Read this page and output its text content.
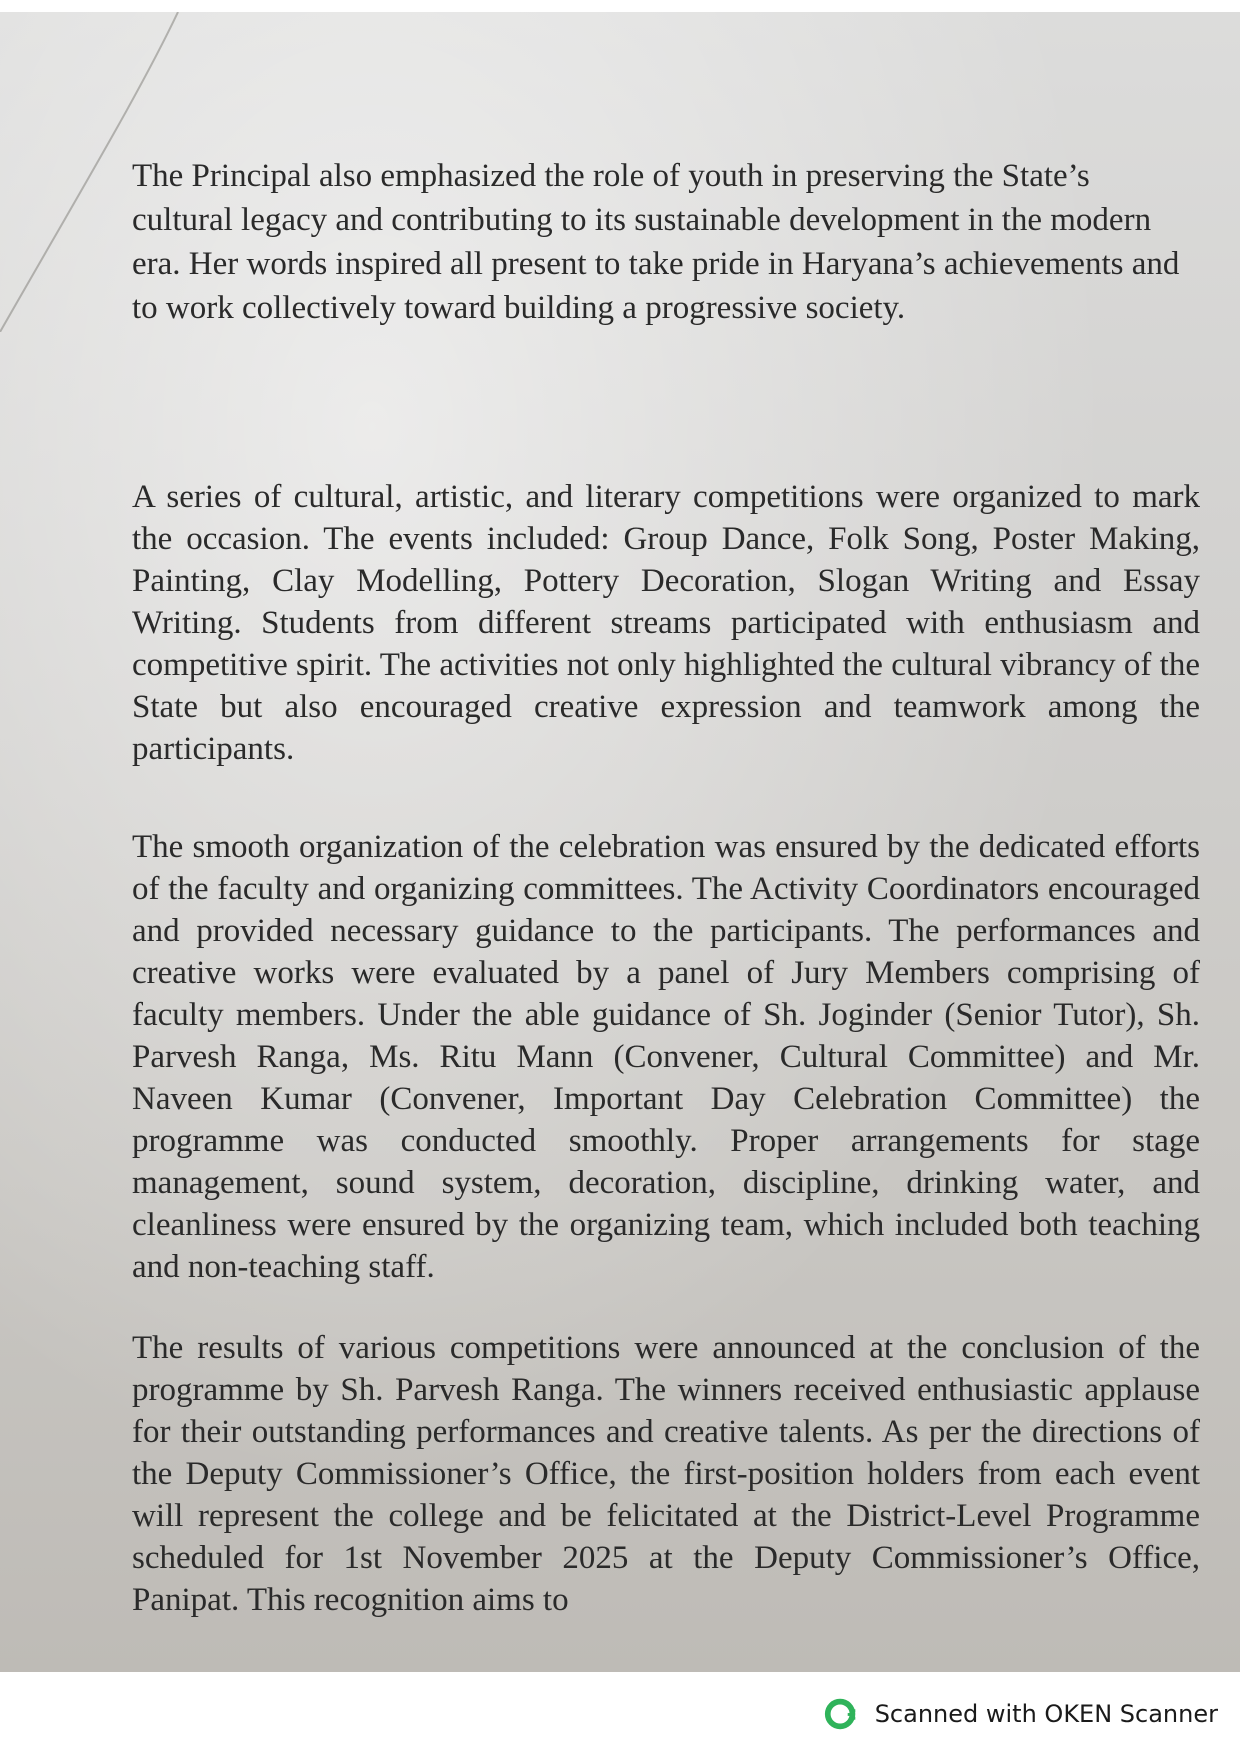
The Principal also emphasized the role of youth in preserving the State’s cultural legacy and contributing to its sustainable development in the modern era. Her words inspired all present to take pride in Haryana’s achievements and to work collectively toward building a progressive society.

A series of cultural, artistic, and literary competitions were organized to mark the occasion. The events included: Group Dance, Folk Song, Poster Making, Painting, Clay Modelling, Pottery Decoration, Slogan Writing and Essay Writing. Students from different streams participated with enthusiasm and competitive spirit. The activities not only highlighted the cultural vibrancy of the State but also encouraged creative expression and teamwork among the participants.

The smooth organization of the celebration was ensured by the dedicated efforts of the faculty and organizing committees. The Activity Coordinators encouraged and provided necessary guidance to the participants. The performances and creative works were evaluated by a panel of Jury Members comprising of faculty members. Under the able guidance of Sh. Joginder (Senior Tutor), Sh. Parvesh Ranga, Ms. Ritu Mann (Convener, Cultural Committee) and Mr. Naveen Kumar (Convener, Important Day Celebration Committee) the programme was conducted smoothly. Proper arrangements for stage management, sound system, decoration, discipline, drinking water, and cleanliness were ensured by the organizing team, which included both teaching and non-teaching staff.

The results of various competitions were announced at the conclusion of the programme by Sh. Parvesh Ranga. The winners received enthusiastic applause for their outstanding performances and creative talents. As per the directions of the Deputy Commissioner’s Office, the first-position holders from each event will represent the college and be felicitated at the District-Level Programme scheduled for 1st November 2025 at the Deputy Commissioner’s Office, Panipat. This recognition aims to

Scanned with OKEN Scanner
